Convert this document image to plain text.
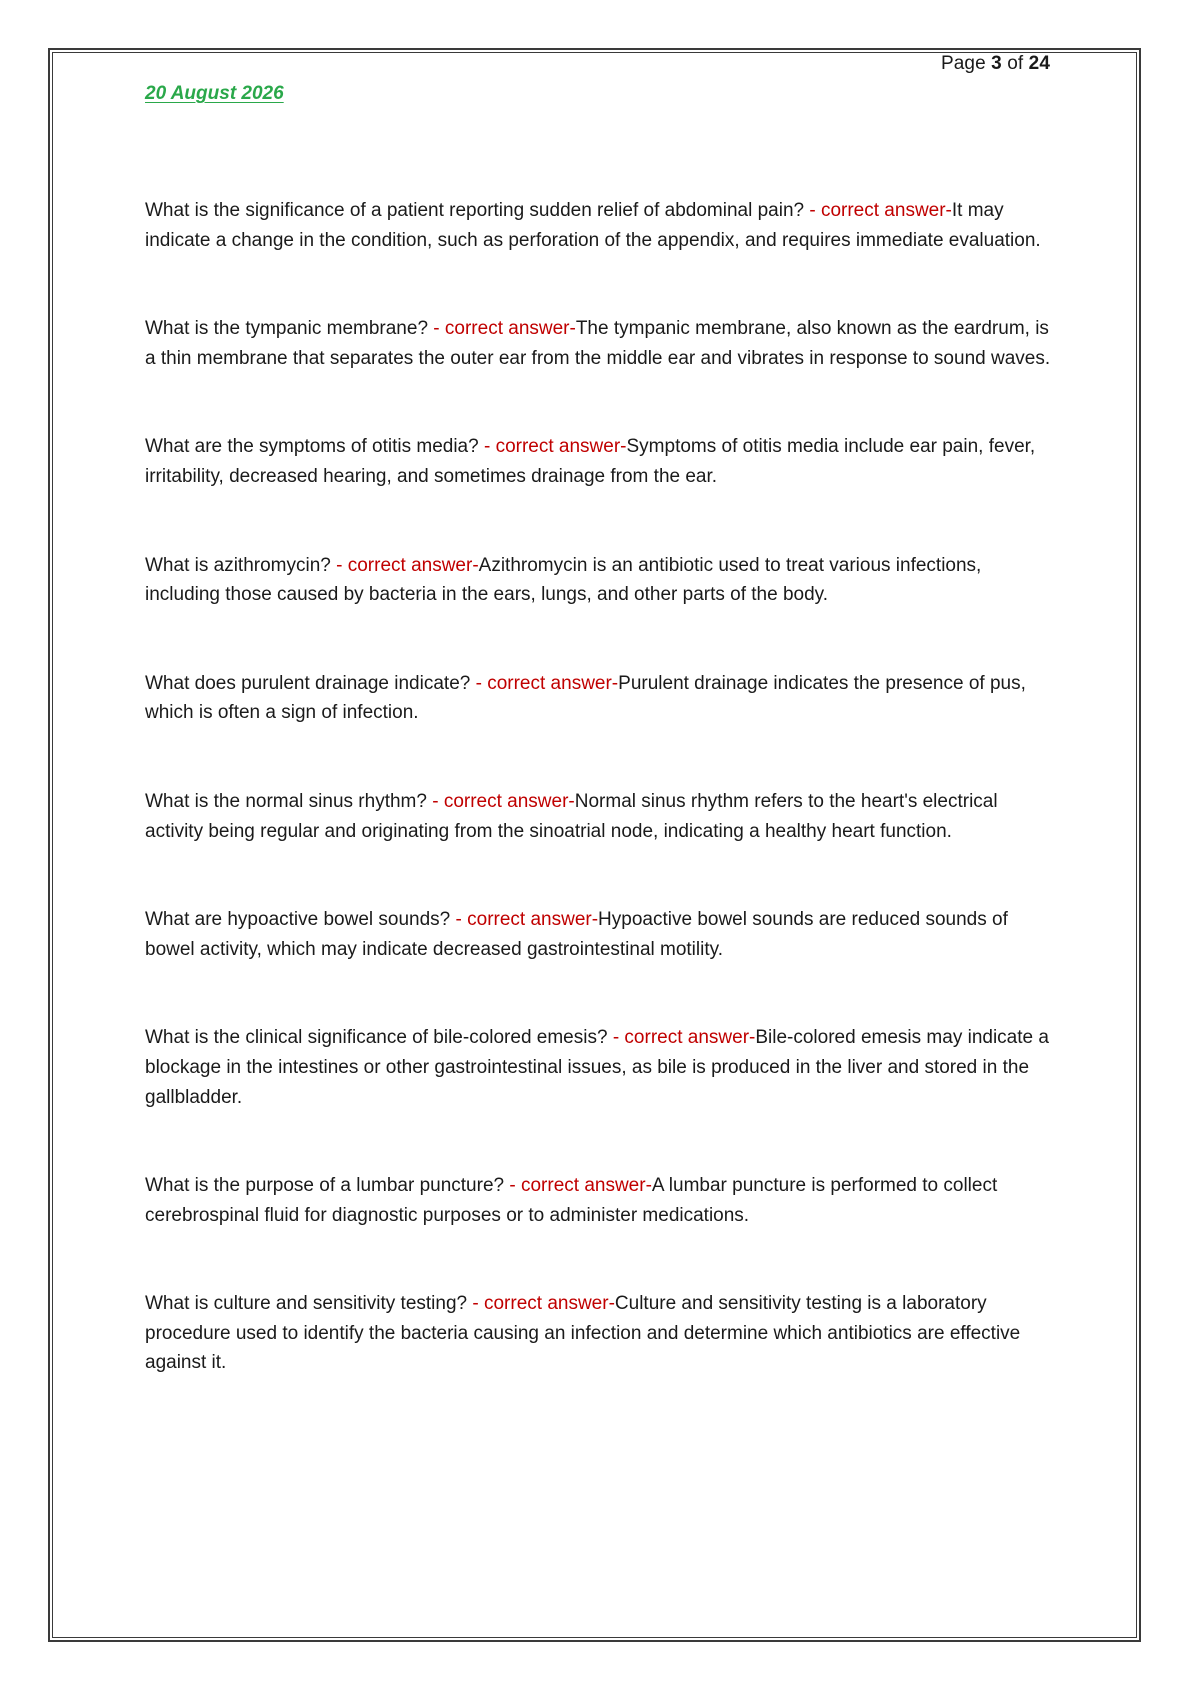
Page 3 of 24
20 August 2026

What is the significance of a patient reporting sudden relief of abdominal pain? - correct answer-It may indicate a change in the condition, such as perforation of the appendix, and requires immediate evaluation.

What is the tympanic membrane? - correct answer-The tympanic membrane, also known as the eardrum, is a thin membrane that separates the outer ear from the middle ear and vibrates in response to sound waves.

What are the symptoms of otitis media? - correct answer-Symptoms of otitis media include ear pain, fever, irritability, decreased hearing, and sometimes drainage from the ear.

What is azithromycin? - correct answer-Azithromycin is an antibiotic used to treat various infections, including those caused by bacteria in the ears, lungs, and other parts of the body.

What does purulent drainage indicate? - correct answer-Purulent drainage indicates the presence of pus, which is often a sign of infection.

What is the normal sinus rhythm? - correct answer-Normal sinus rhythm refers to the heart's electrical activity being regular and originating from the sinoatrial node, indicating a healthy heart function.

What are hypoactive bowel sounds? - correct answer-Hypoactive bowel sounds are reduced sounds of bowel activity, which may indicate decreased gastrointestinal motility.

What is the clinical significance of bile-colored emesis? - correct answer-Bile-colored emesis may indicate a blockage in the intestines or other gastrointestinal issues, as bile is produced in the liver and stored in the gallbladder.

What is the purpose of a lumbar puncture? - correct answer-A lumbar puncture is performed to collect cerebrospinal fluid for diagnostic purposes or to administer medications.

What is culture and sensitivity testing? - correct answer-Culture and sensitivity testing is a laboratory procedure used to identify the bacteria causing an infection and determine which antibiotics are effective against it.
